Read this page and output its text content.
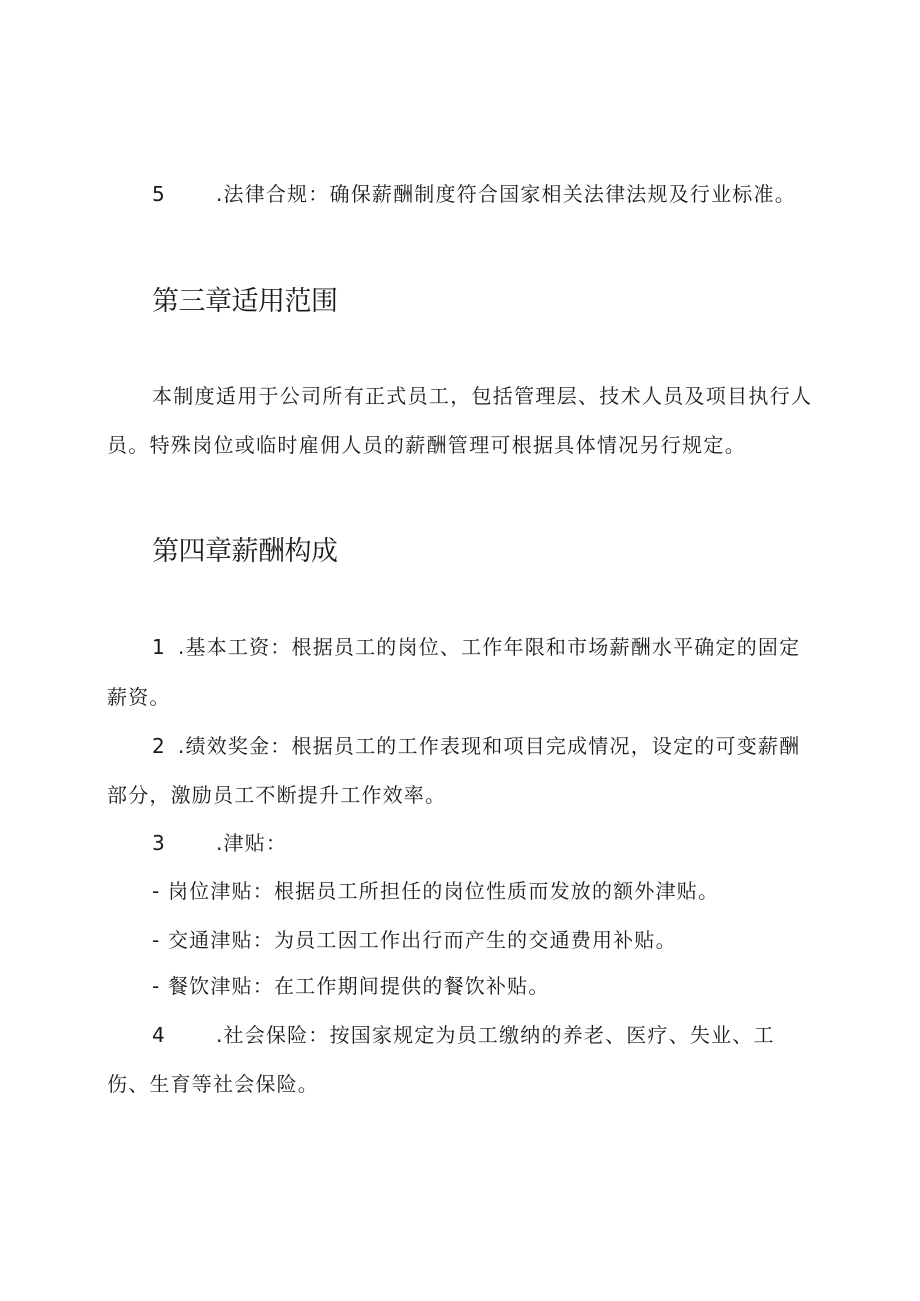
5	.法律合规：确保薪酬制度符合国家相关法律法规及行业标准。
第三章适用范围
本制度适用于公司所有正式员工，包括管理层、技术人员及项目执行人
员。特殊岗位或临时雇佣人员的薪酬管理可根据具体情况另行规定。
第四章薪酬构成
1 .基本工资：根据员工的岗位、工作年限和市场薪酬水平确定的固定
薪资。
2 .绩效奖金：根据员工的工作表现和项目完成情况，设定的可变薪酬
部分，激励员工不断提升工作效率。
3	.津贴：
- 岗位津贴：根据员工所担任的岗位性质而发放的额外津贴。
- 交通津贴：为员工因工作出行而产生的交通费用补贴。
- 餐饮津贴：在工作期间提供的餐饮补贴。
4	.社会保险：按国家规定为员工缴纳的养老、医疗、失业、工
伤、生育等社会保险。
